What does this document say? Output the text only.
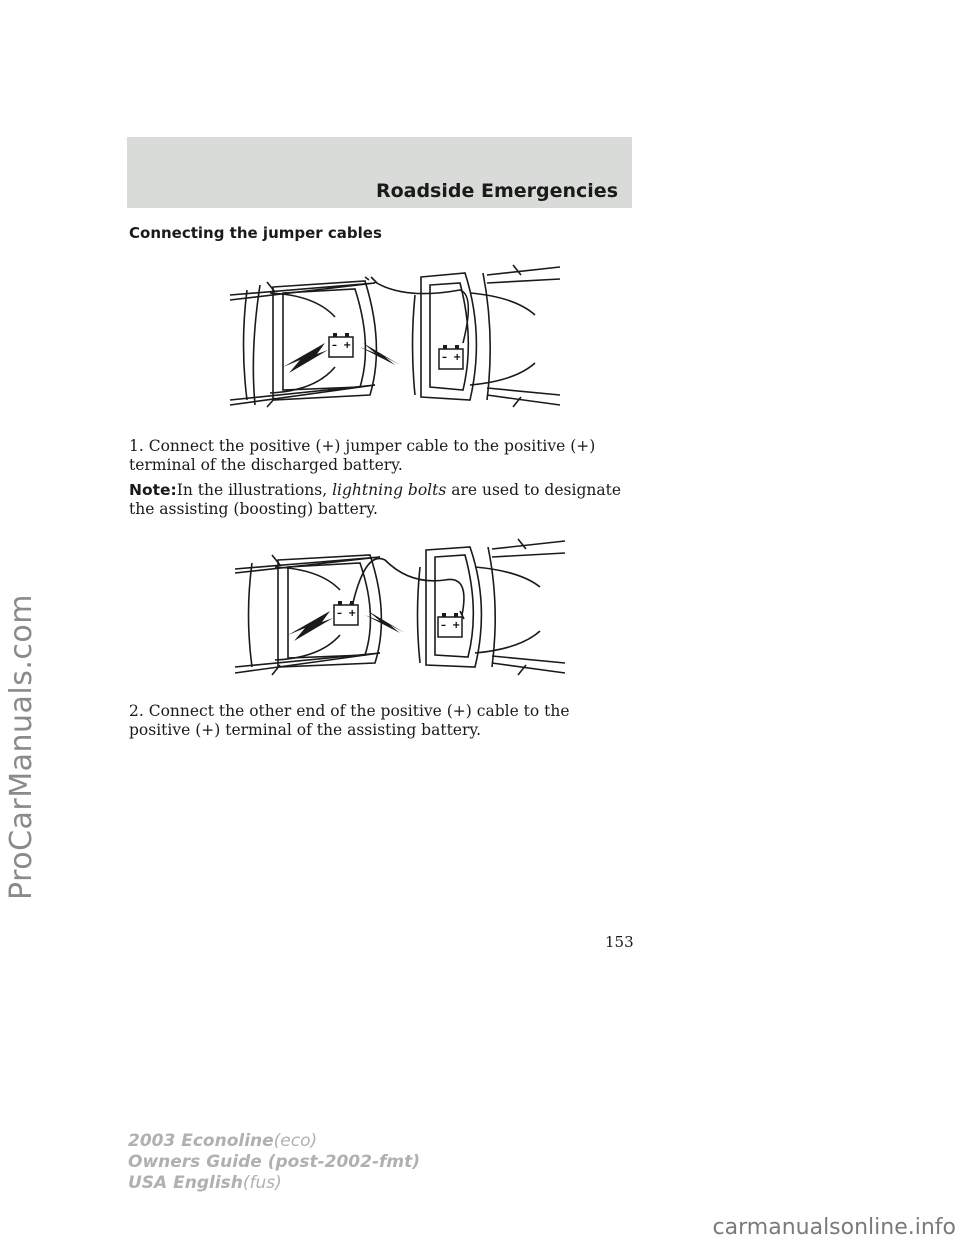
ProCarManuals.com
Roadside Emergencies
Connecting the jumper cables
– +
– +
1. Connect the positive (+) jumper cable to the positive (+) terminal of the discharged battery.
Note:In the illustrations, lightning bolts are used to designate the assisting (boosting) battery.
– +
– +
2. Connect the other end of the positive (+) cable to the positive (+) terminal of the assisting battery.
153
2003 Econoline(eco)
Owners Guide (post-2002-fmt)
USA English(fus)
carmanualsonline.info
